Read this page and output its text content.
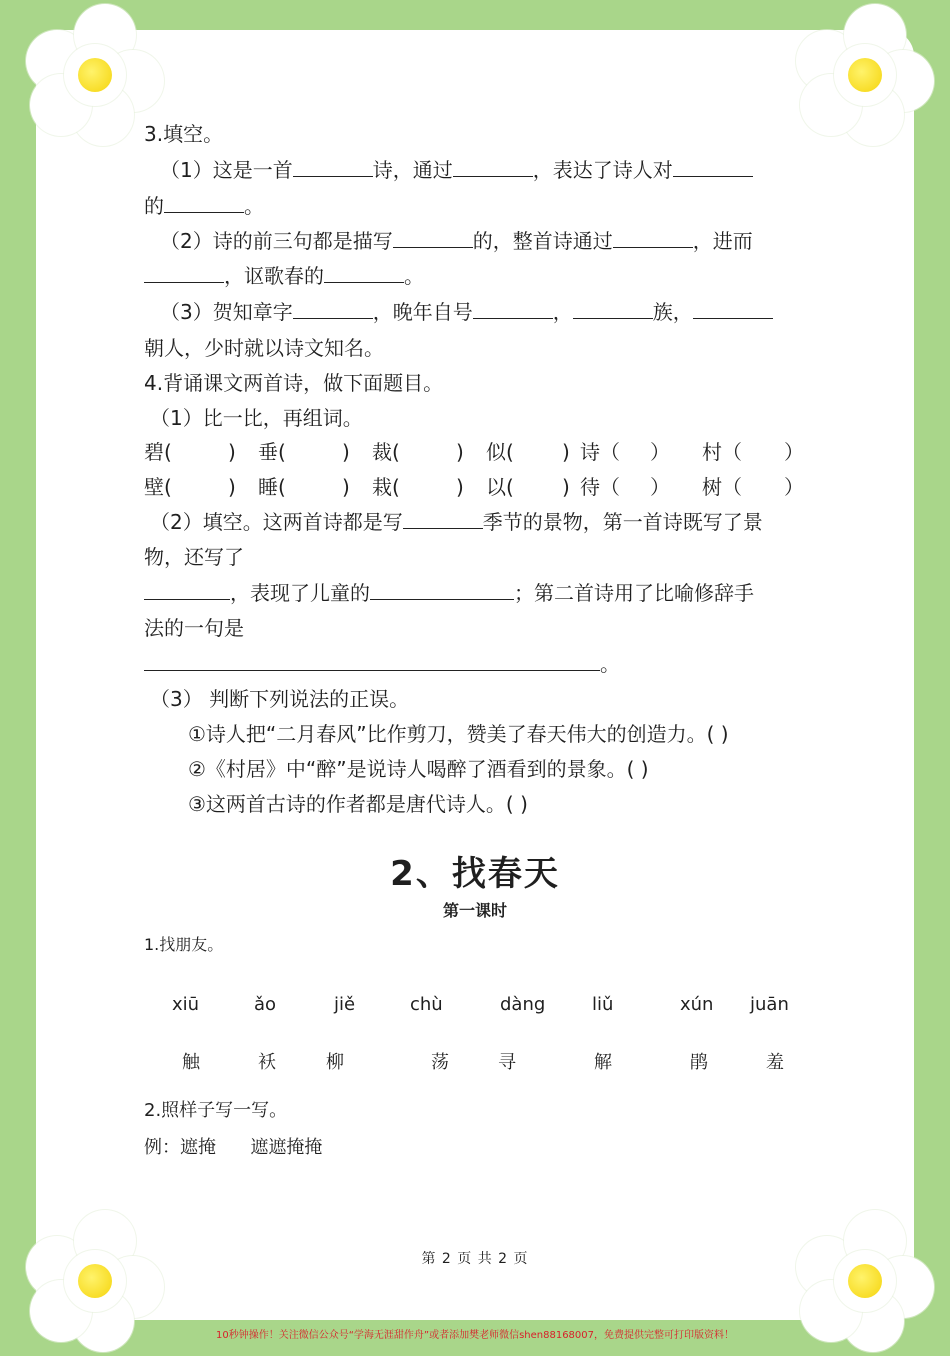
3.填空。
（1）这是一首	诗，通过	，表达了诗人对
的	。
（2）诗的前三句都是描写	的，整首诗通过	，进而
，讴歌春的	。
（3）贺知章字	，晚年自号	，	族，
朝人，少时就以诗文知名。
4.背诵课文两首诗，做下面题目。
（1）比一比，再组词。
碧(	) 垂(	) 裁(	) 似( ) 诗（ ） 村（ ）
壁(	) 睡(	) 栽(	) 以( ) 待（ ） 树（ ）
（2）填空。这两首诗都是写	季节的景物，第一首诗既写了景
物，还写了
，表现了儿童的	；第二首诗用了比喻修辞手
法的一句是
。
（3） 判断下列说法的正误。
①诗人把“二月春风”比作剪刀，赞美了春天伟大的创造力。( )
②《村居》中“醉”是说诗人喝醉了酒看到的景象。( )
③这两首古诗的作者都是唐代诗人。( )
2、找春天
第一课时
1.找朋友。
xiū	ǎo	jiě	chù	dàng	liǔ	xún juān
触	袄	柳	荡	寻	解	鹃	羞
2.照样子写一写。
例：遮掩      遮遮掩掩
第 2 页 共 2 页
10秒钟操作！关注微信公众号“学海无涯甜作舟”或者添加樊老师微信shen88168007，免费提供完整可打印版资料！
